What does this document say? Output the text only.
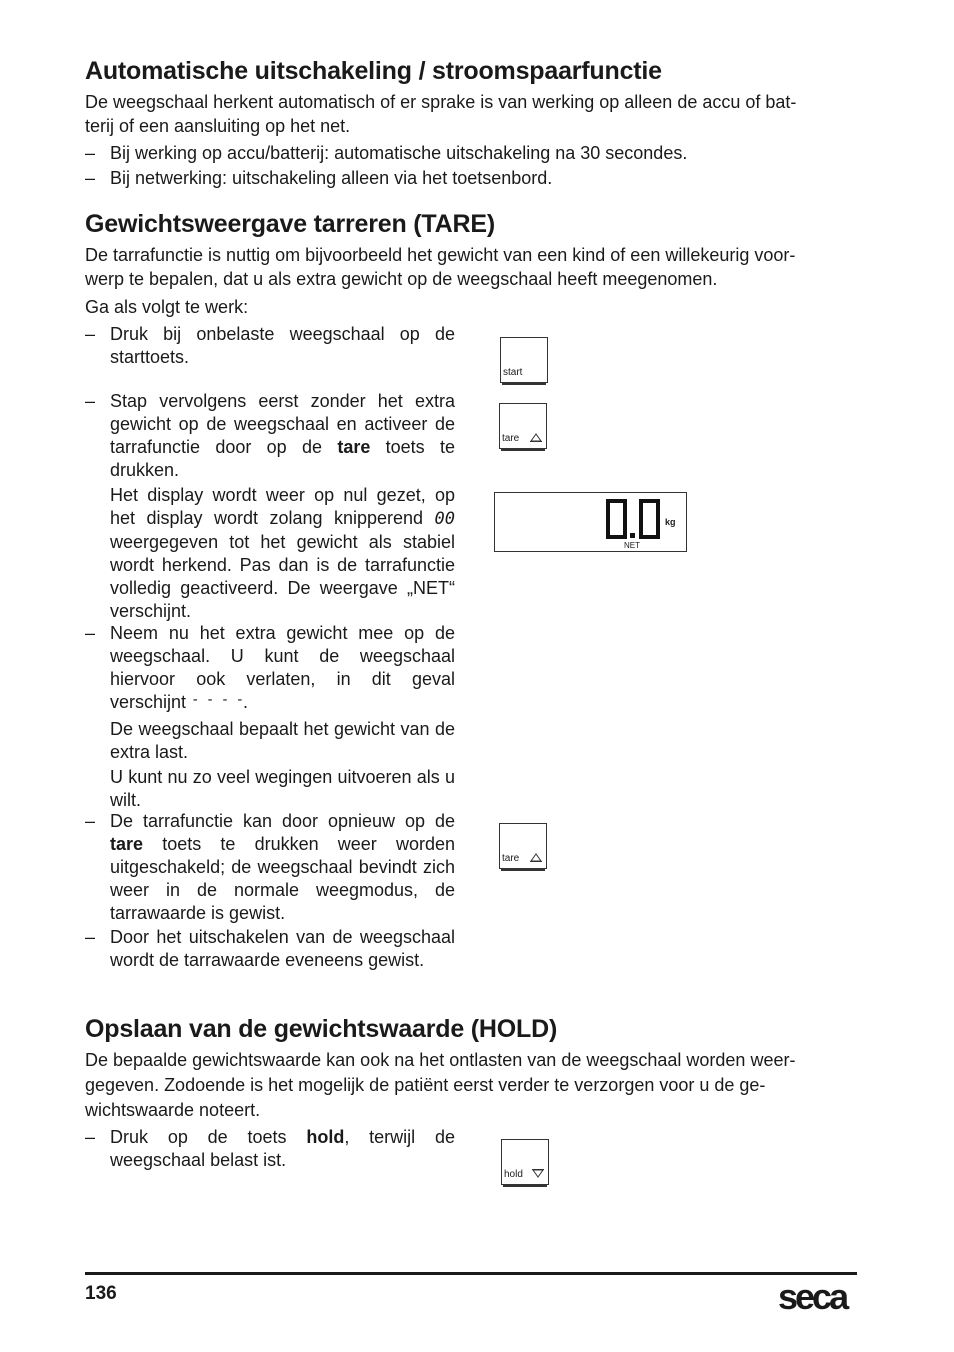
Automatische uitschakeling / stroomspaarfunctie

De weegschaal herkent automatisch of er sprake is van werking op alleen de accu of bat-

terij of een aansluiting op het net.

– Bij werking op accu/batterij: automatische uitschakeling na 30 secondes.
– Bij netwerking: uitschakeling alleen via het toetsenbord.
Gewichtsweergave tarreren (TARE)

De tarrafunctie is nuttig om bijvoorbeeld het gewicht van een kind of een willekeurig voor-

werp te bepalen, dat u als extra gewicht op de weegschaal heeft meegenomen.

Ga als volgt te werk:

– Druk bij onbelaste weegschaal op de starttoets.
– Stap vervolgens eerst zonder het extra gewicht op de weegschaal en activeer de tarrafunctie door op de tare toets te drukken.
Het display wordt weer op nul gezet, op het display wordt zolang knipperend 00 weergegeven tot het gewicht als stabiel wordt herkend. Pas dan is de tarrafunctie volledig geactiveerd. De weergave „NET“ verschijnt.
– Neem nu het extra gewicht mee op de weegschaal. U kunt de weegschaal hiervoor ook verlaten, in dit geval verschijnt - - - -.
De weegschaal bepaalt het gewicht van de extra last.
U kunt nu zo veel wegingen uitvoeren als u wilt.
– De tarrafunctie kan door opnieuw op de tare toets te drukken weer worden uitgeschakeld; de weegschaal bevindt zich weer in de normale weegmodus, de tarrawaarde is gewist.
– Door het uitschakelen van de weegschaal wordt de tarrawaarde eveneens gewist.
Opslaan van de gewichtswaarde (HOLD)

De bepaalde gewichtswaarde kan ook na het ontlasten van de weegschaal worden weer-

gegeven. Zodoende is het mogelijk de patiënt eerst verder te verzorgen voor u de ge-

wichtswaarde noteert.

– Druk op de toets hold, terwijl de weegschaal belast ist.
start
tare
kg
NET
tare
hold
136	seca
